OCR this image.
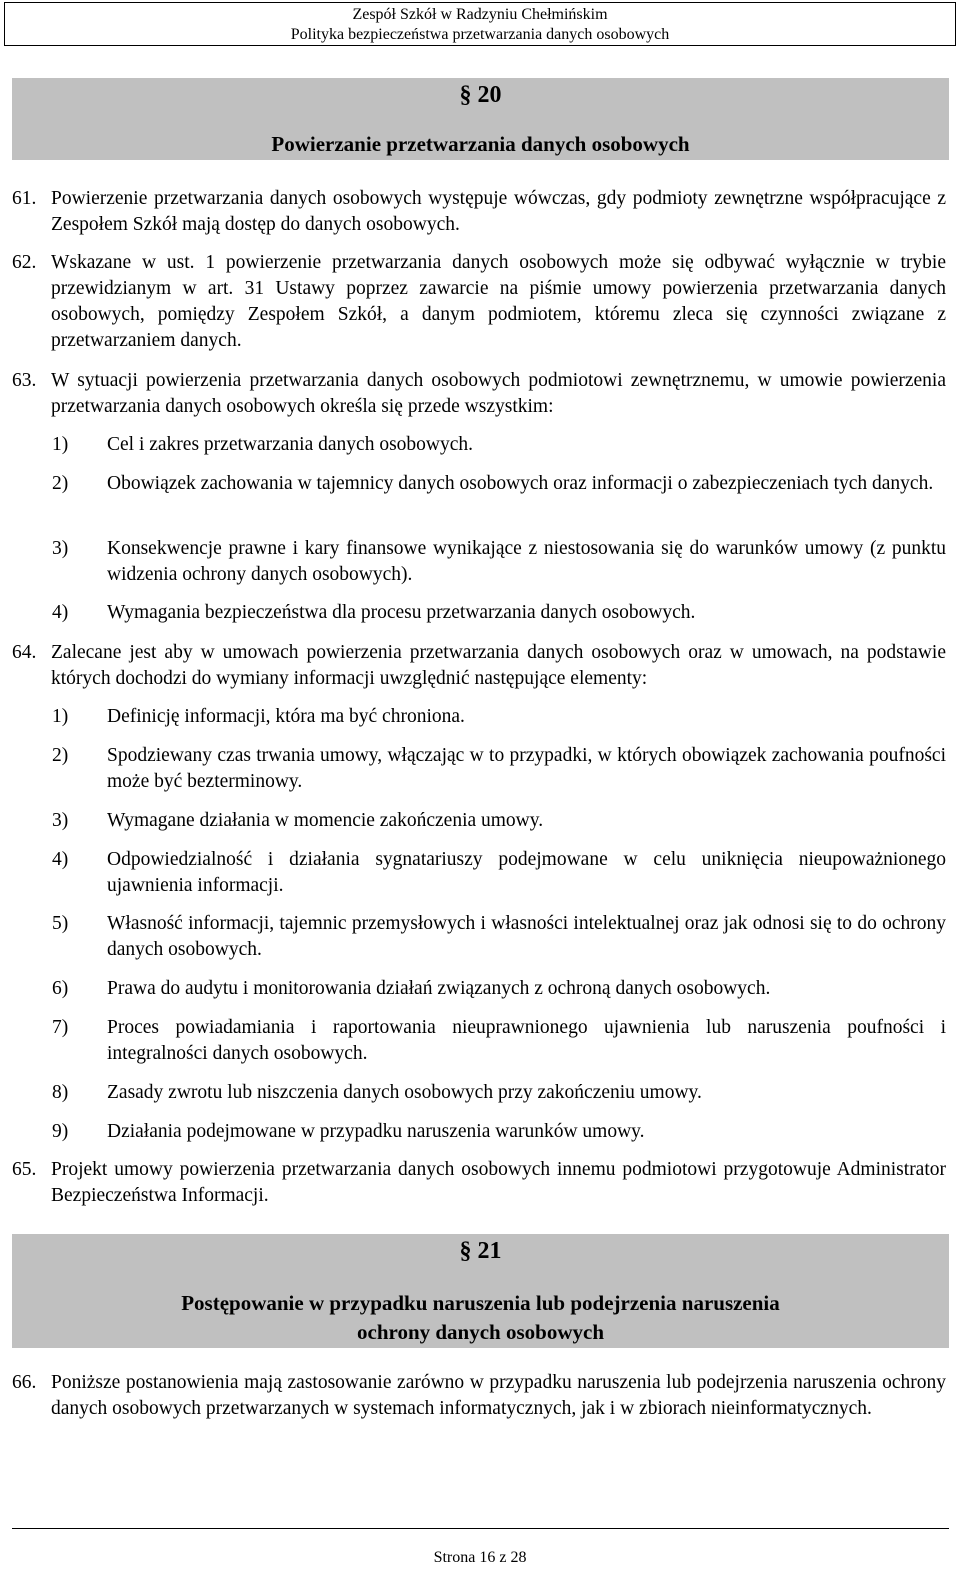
Zespół Szkół w Radzyniu Chełmińskim
Polityka bezpieczeństwa przetwarzania danych osobowych
§ 20
Powierzanie przetwarzania danych osobowych
61. Powierzenie przetwarzania danych osobowych występuje wówczas, gdy podmioty zewnętrzne współpracujące z Zespołem Szkół mają dostęp do danych osobowych.
62. Wskazane w ust. 1 powierzenie przetwarzania danych osobowych może się odbywać wyłącznie w trybie przewidzianym w art. 31 Ustawy poprzez zawarcie na piśmie umowy powierzenia przetwarzania danych osobowych, pomiędzy Zespołem Szkół, a danym podmiotem, któremu zleca się czynności związane z przetwarzaniem danych.
63. W sytuacji powierzenia przetwarzania danych osobowych podmiotowi zewnętrznemu, w umowie powierzenia przetwarzania danych osobowych określa się przede wszystkim:
1) Cel i zakres przetwarzania danych osobowych.
2) Obowiązek zachowania w tajemnicy danych osobowych oraz informacji o zabezpieczeniach tych danych.
3) Konsekwencje prawne i kary finansowe wynikające z niestosowania się do warunków umowy (z punktu widzenia ochrony danych osobowych).
4) Wymagania bezpieczeństwa dla procesu przetwarzania danych osobowych.
64. Zalecane jest aby w umowach powierzenia przetwarzania danych osobowych oraz w umowach, na podstawie których dochodzi do wymiany informacji uwzględnić następujące elementy:
1) Definicję informacji, która ma być chroniona.
2) Spodziewany czas trwania umowy, włączając w to przypadki, w których obowiązek zachowania poufności może być bezterminowy.
3) Wymagane działania w momencie zakończenia umowy.
4) Odpowiedzialność i działania sygnatariuszy podejmowane w celu uniknięcia nieupoważnionego ujawnienia informacji.
5) Własność informacji, tajemnic przemysłowych i własności intelektualnej oraz jak odnosi się to do ochrony danych osobowych.
6) Prawa do audytu i monitorowania działań związanych z ochroną danych osobowych.
7) Proces powiadamiania i raportowania nieuprawnionego ujawnienia lub naruszenia poufności i integralności danych osobowych.
8) Zasady zwrotu lub niszczenia danych osobowych przy zakończeniu umowy.
9) Działania podejmowane w przypadku naruszenia warunków umowy.
65. Projekt umowy powierzenia przetwarzania danych osobowych innemu podmiotowi przygotowuje Administrator Bezpieczeństwa Informacji.
§ 21
Postępowanie w przypadku naruszenia lub podejrzenia naruszenia
ochrony danych osobowych
66. Poniższe postanowienia mają zastosowanie zarówno w przypadku naruszenia lub podejrzenia naruszenia ochrony danych osobowych przetwarzanych w systemach informatycznych, jak i w zbiorach nieinformatycznych.
Strona 16 z 28
